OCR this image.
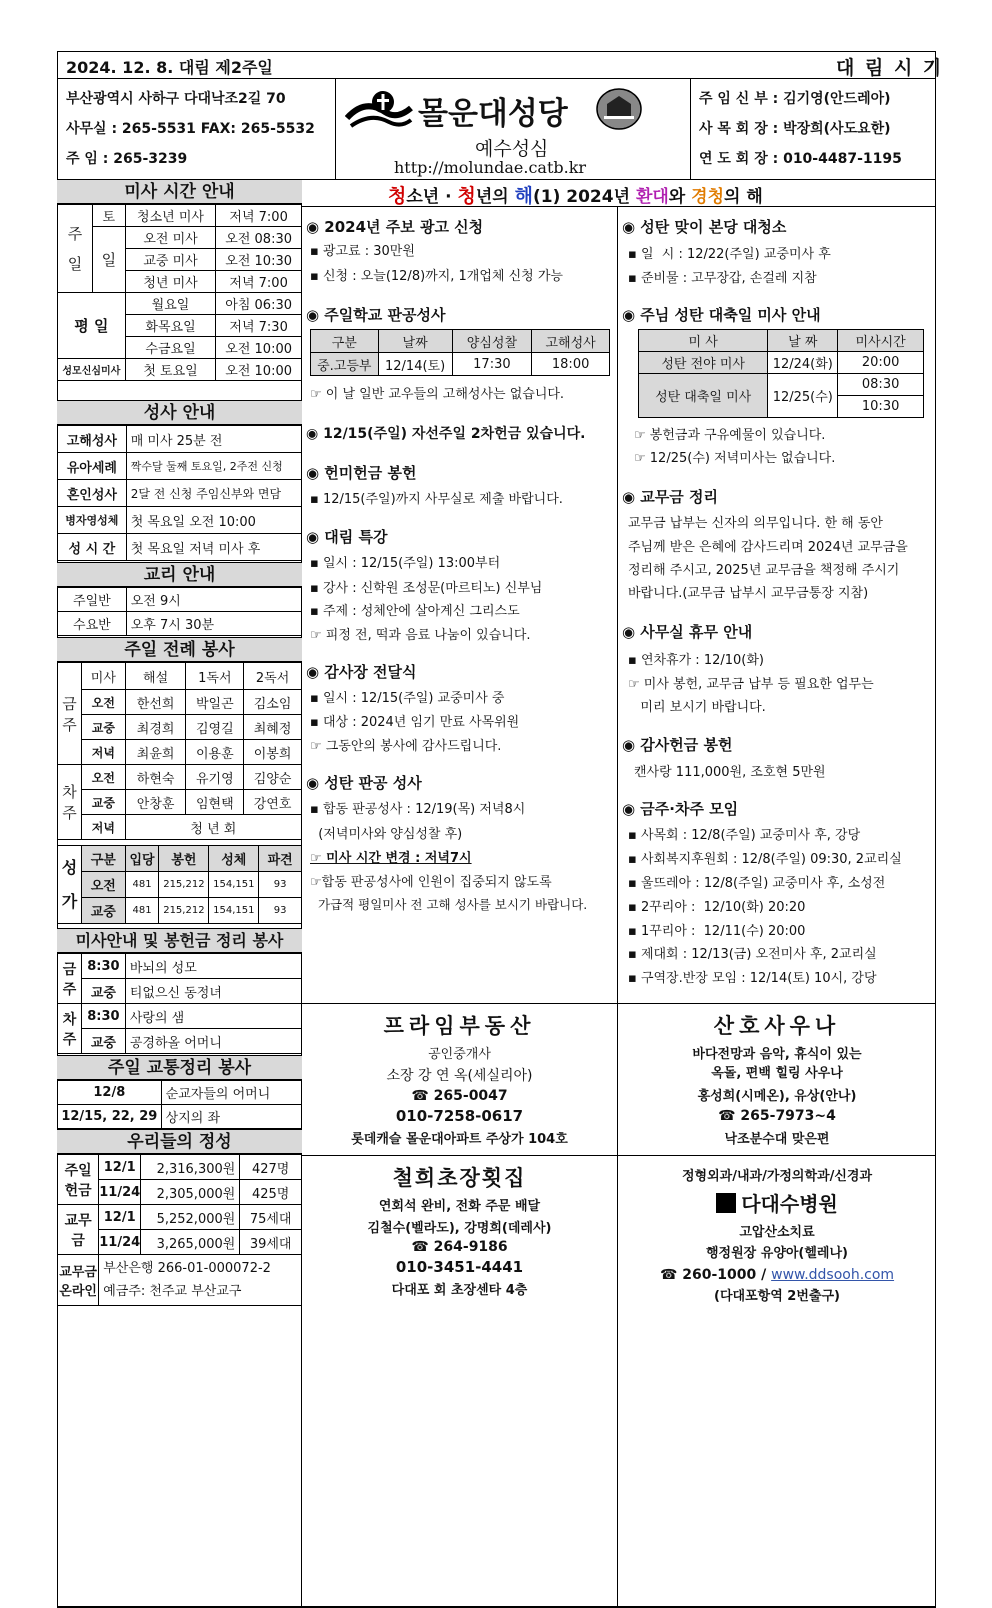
2024. 12. 8. 대림 제2주일	대 림 시 기
부산광역시 사하구 다대낙조2길 70
사무실 : 265-5531 FAX: 265-5532
주 임 : 265-3239
몰운대성당
예수성심
http://molundae.catb.kr
주 임 신 부 : 김기영(안드레아)
사 목 회 장 : 박장희(사도요한)
연 도 회 장 : 010-4487-1195
청소년 · 청년의 해(1) 2024년 환대와 경청의 해
미사 시간 안내
주
일	토	청소년 미사	저녁 7:00
	일	오전 미사	오전 08:30
		교중 미사	오전 10:30
		청년 미사	저녁 7:00
평 일		월요일	아침 06:30
		화목요일	저녁 7:30
		수금요일	오전 10:00
성모신심미사		첫 토요일	오전 10:00
성사 안내
고해성사	매 미사 25분 전
유아세례	짝수달 둘째 토요일, 2주전 신청
혼인성사	2달 전 신청 주임신부와 면담
병자영성체	첫 목요일 오전 10:00
성 시 간	첫 목요일 저녁 미사 후
교리 안내
주일반	오전 9시
수요반	오후 7시 30분
주일 전례 봉사
금주	미사	해설	1독서	2독서
	오전	한선희	박일곤	김소임
	교중	최경희	김영길	최혜정
	저녁	최윤희	이용훈	이봉희
차주	오전	하현숙	유기영	김양순
	교중	안창훈	임현택	강연호
	저녁	청 년 회		
성
가	구분	입당	봉헌	성체	파견
	오전	481	215,212	154,151	93
	교중	481	215,212	154,151	93
미사안내 및 봉헌금 정리 봉사
금주	8:30	바뇌의 성모
	교중	티없으신 동정녀
차주	8:30	사랑의 샘
	교중	공경하올 어머니
주일 교통정리 봉사
12/8	순교자들의 어머니
12/15, 22, 29	상지의 좌
우리들의 정성
주일헌금	12/1	2,316,300원	427명
	11/24	2,305,000원	425명
교무금	12/1	5,252,000원	75세대
	11/24	3,265,000원	39세대
교무금온라인	부산은행 266-01-000072-2
예금주: 천주교 부산교구		
◉ 2024년 주보 광고 신청
▪ 광고료 : 30만원
▪ 신청 : 오늘(12/8)까지, 1개업체 신청 가능
◉ 주일학교 판공성사
구분	날짜	양심성찰	고해성사
중.고등부	12/14(토)	17:30	18:00
☞ 이 날 일반 교우들의 고해성사는 없습니다.
◉ 12/15(주일) 자선주일 2차헌금 있습니다.
◉ 헌미헌금 봉헌
▪ 12/15(주일)까지 사무실로 제출 바랍니다.
◉ 대림 특강
▪ 일시 : 12/15(주일) 13:00부터
▪ 강사 : 신학원 조성문(마르티노) 신부님
▪ 주제 : 성체안에 살아계신 그리스도
☞ 피정 전, 떡과 음료 나눔이 있습니다.
◉ 감사장 전달식
▪ 일시 : 12/15(주일) 교중미사 중
▪ 대상 : 2024년 임기 만료 사목위원
☞ 그동안의 봉사에 감사드립니다.
◉ 성탄 판공 성사
▪ 합동 판공성사 : 12/19(목) 저녁8시
(저녁미사와 양심성찰 후)
☞ 미사 시간 변경 : 저녁7시
☞합동 판공성사에 인원이 집중되지 않도록
가급적 평일미사 전 고해 성사를 보시기 바랍니다.
◉ 성탄 맞이 본당 대청소
▪ 일  시 : 12/22(주일) 교중미사 후
▪ 준비물 : 고무장갑, 손걸레 지참
◉ 주님 성탄 대축일 미사 안내
미 사	날 짜	미사시간
성탄 전야 미사	12/24(화)	20:00
성탄 대축일 미사	12/25(수)	08:30
		10:30
☞ 봉헌금과 구유예물이 있습니다.
☞ 12/25(수) 저녁미사는 없습니다.
◉ 교무금 정리
교무금 납부는 신자의 의무입니다. 한 해 동안
주님께 받은 은혜에 감사드리며 2024년 교무금을
정리해 주시고, 2025년 교무금을 책정해 주시기
바랍니다.(교무금 납부시 교무금통장 지참)
◉ 사무실 휴무 안내
▪ 연차휴가 : 12/10(화)
☞ 미사 봉헌, 교무금 납부 등 필요한 업무는
미리 보시기 바랍니다.
◉ 감사헌금 봉헌
캔사랑 111,000원, 조호현 5만원
◉ 금주·차주 모임
▪ 사목회 : 12/8(주일) 교중미사 후, 강당
▪ 사회복지후원회 : 12/8(주일) 09:30, 2교리실
▪ 울뜨레아 : 12/8(주일) 교중미사 후, 소성전
▪ 2꾸리아 :  12/10(화) 20:20
▪ 1꾸리아 :  12/11(수) 20:00
▪ 제대회 : 12/13(금) 오전미사 후, 2교리실
▪ 구역장.반장 모임 : 12/14(토) 10시, 강당
프라임부동산
공인중개사
소장 강 연 옥(세실리아)
☎ 265-0047
010-7258-0617
롯데캐슬 몰운대아파트 주상가 104호
산호사우나
바다전망과 음악, 휴식이 있는
옥돌, 편백 힐링 사우나
홍성희(시메온), 유상(안나)
☎ 265-7973~4
낙조분수대 맞은편
철희초장횟집
연회석 완비, 전화 주문 배달
김철수(벨라도), 강명희(데레사)
☎ 264-9186
010-3451-4441
다대포 회 초장센타 4층
정형외과/내과/가정의학과/신경과
다대수병원
고압산소치료
행정원장 유양아(헬레나)
☎ 260-1000 / www.ddsooh.com
(다대포항역 2번출구)
